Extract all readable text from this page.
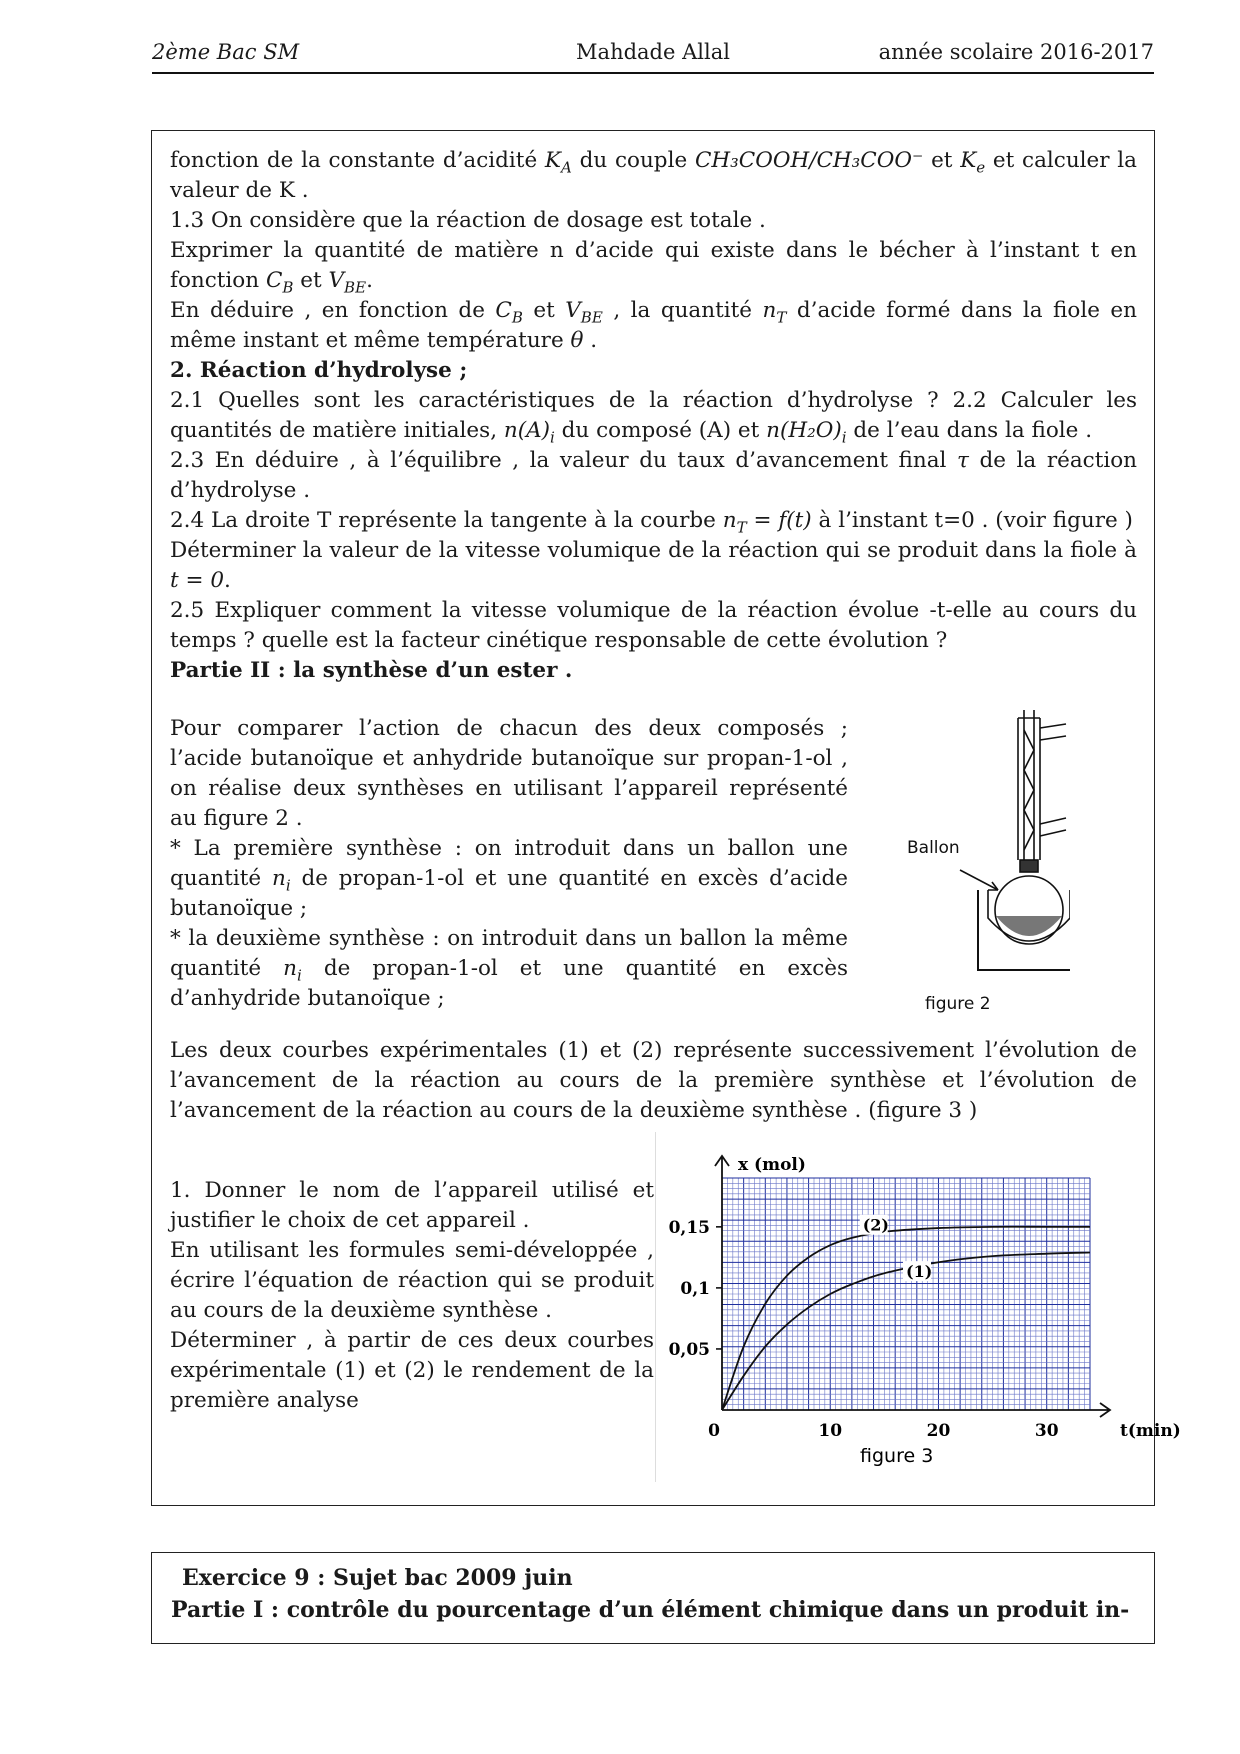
2ème Bac SM	Mahdade Allal	année scolaire 2016-2017

fonction de la constante d’acidité $K_A$ du couple CH₃COOH/CH₃COO⁻ et $K_e$ et calculer la valeur de K .

1.3 On considère que la réaction de dosage est totale .

Exprimer la quantité de matière n d’acide qui existe dans le bécher à l’instant t en fonction $C_B$ et $V_{BE}$.

En déduire , en fonction de $C_B$ et $V_{BE}$ , la quantité $n_T$ d’acide formé dans la fiole en même instant et même température θ .

2. Réaction d’hydrolyse ;

2.1 Quelles sont les caractéristiques de la réaction d’hydrolyse ? 2.2 Calculer les quantités de matière initiales, $n(A)_i$ du composé (A) et $n(H_2O)_i$ de l’eau dans la fiole .

2.3 En déduire , à l’équilibre , la valeur du taux d’avancement final τ de la réaction d’hydrolyse .

2.4 La droite T représente la tangente à la courbe $n_T = f(t)$ à l’instant t=0 . (voir figure )

Déterminer la valeur de la vitesse volumique de la réaction qui se produit dans la fiole à t = 0.

2.5 Expliquer comment la vitesse volumique de la réaction évolue -t-elle au cours du temps ? quelle est la facteur cinétique responsable de cette évolution ?

Partie II : la synthèse d’un ester .

Pour comparer l’action de chacun des deux composés ; l’acide butanoïque et anhydride butanoïque sur propan-1-ol , on réalise deux synthèses en utilisant l’appareil représenté au figure 2 .

* La première synthèse : on introduit dans un ballon une quantité $n_i$ de propan-1-ol et une quantité en excès d’acide butanoïque ;

* la deuxième synthèse : on introduit dans un ballon la même quantité $n_i$ de propan-1-ol et une quantité en excès d’anhydride butanoïque ;

Ballon
figure 2

Les deux courbes expérimentales (1) et (2) représente successivement l’évolution de l’avancement de la réaction au cours de la première synthèse et l’évolution de l’avancement de la réaction au cours de la deuxième synthèse . (figure 3 )

1. Donner le nom de l’appareil utilisé et justifier le choix de cet appareil .

En utilisant les formules semi-développée , écrire l’équation de réaction qui se produit au cours de la deuxième synthèse .

Déterminer , à partir de ces deux courbes expérimentale (1) et (2) le rendement de la première analyse

0,05
0,1
0,15
0	10	20	30
(2)
(1)
x (mol)
t(min)
figure 3
Exercice 9 : Sujet bac 2009 juin
Partie I : contrôle du pourcentage d’un élément chimique dans un produit in-
